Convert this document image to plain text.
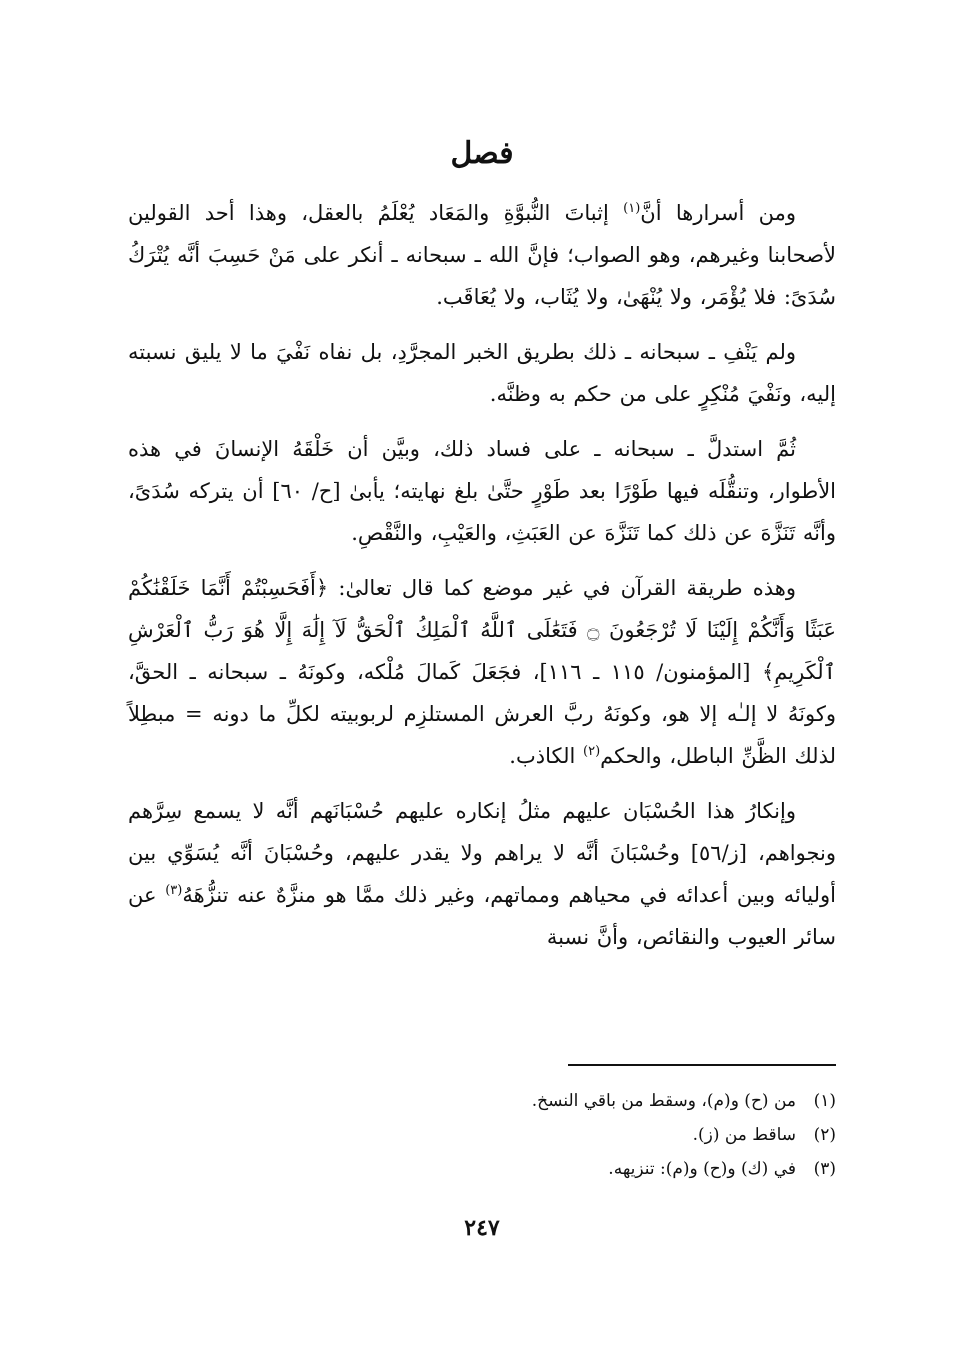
فصل

ومن أسرارها أنَّ$^{(١)}$ إثباتَ النُّبوَّةِ والمَعَاد يُعْلَمُ بالعقل، وهذا أحد القولين لأصحابنا وغيرهم، وهو الصواب؛ فإنَّ الله ـ سبحانه ـ أنكر على مَنْ حَسِبَ أنَّه يُتْرَكُ سُدَىً: فلا يُؤْمَر، ولا يُنْهَىٰ، ولا يُثَاب، ولا يُعَاقَب.

ولم يَنْفِ ـ سبحانه ـ ذلك بطريق الخبر المجرَّدِ، بل نفاه نَفْيَ ما لا يليق نسبته إليه، ونَفْيَ مُنْكِرٍ على من حكم به وظنَّه.

ثُمَّ استدلَّ ـ سبحانه ـ على فساد ذلك، وبيَّن أن خَلْقَهُ الإنسانَ في هذه الأطوار، وتنقُّلَه فيها طَوْرًا بعد طَوْرٍ حتَّىٰ بلغ نهايته؛ يأبىٰ [ح/ ٦٠] أن يتركه سُدَىً، وأنَّه تَنَزَّهَ عن ذلك كما تَنَزَّهَ عن العَبَثِ، والعَيْبِ، والنَّقْصِ.

وهذه طريقة القرآن في غير موضع كما قال تعالىٰ: ﴿أَفَحَسِبْتُمْ أَنَّمَا خَلَقْنَٰكُمْ عَبَثًا وَأَنَّكُمْ إِلَيْنَا لَا تُرْجَعُونَ ۝ فَتَعَٰلَى ٱللَّهُ ٱلْمَلِكُ ٱلْحَقُّ لَآ إِلَٰهَ إِلَّا هُوَ رَبُّ ٱلْعَرْشِ ٱلْكَرِيمِ﴾ [المؤمنون/ ١١٥ ـ ١١٦]، فجَعَلَ كَمالَ مُلْكه، وكونَهُ ـ سبحانه ـ الحقَّ، وكونَهُ لا إلـٰه إلا هو، وكونَهُ ربَّ العرش المستلزِم لربوبيته لكلِّ ما دونه = مبطِلاً لذلك الظَّنِّ الباطل، والحكم$^{(٢)}$ الكاذب.

وإنكارُ هذا الحُسْبَان عليهم مثلُ إنكاره عليهم حُسْبَانَهم أنَّه لا يسمع سِرَّهم ونجواهم، [ز/٥٦] وحُسْبَانَ أنَّه لا يراهم ولا يقدر عليهم، وحُسْبَانَ أنَّه يُسَوِّي بين أوليائه وبين أعدائه في محياهم ومماتهم، وغير ذلك ممَّا هو منزَّهٌ عنه تنزُّهَهُ$^{(٣)}$ عن سائر العيوب والنقائص، وأنَّ نسبة

(١)
من (ح) و(م)، وسقط من باقي النسخ.
(٢)
ساقط من (ز).
(٣)
في (ك) و(ح) و(م): تنزيهه.
٢٤٧
